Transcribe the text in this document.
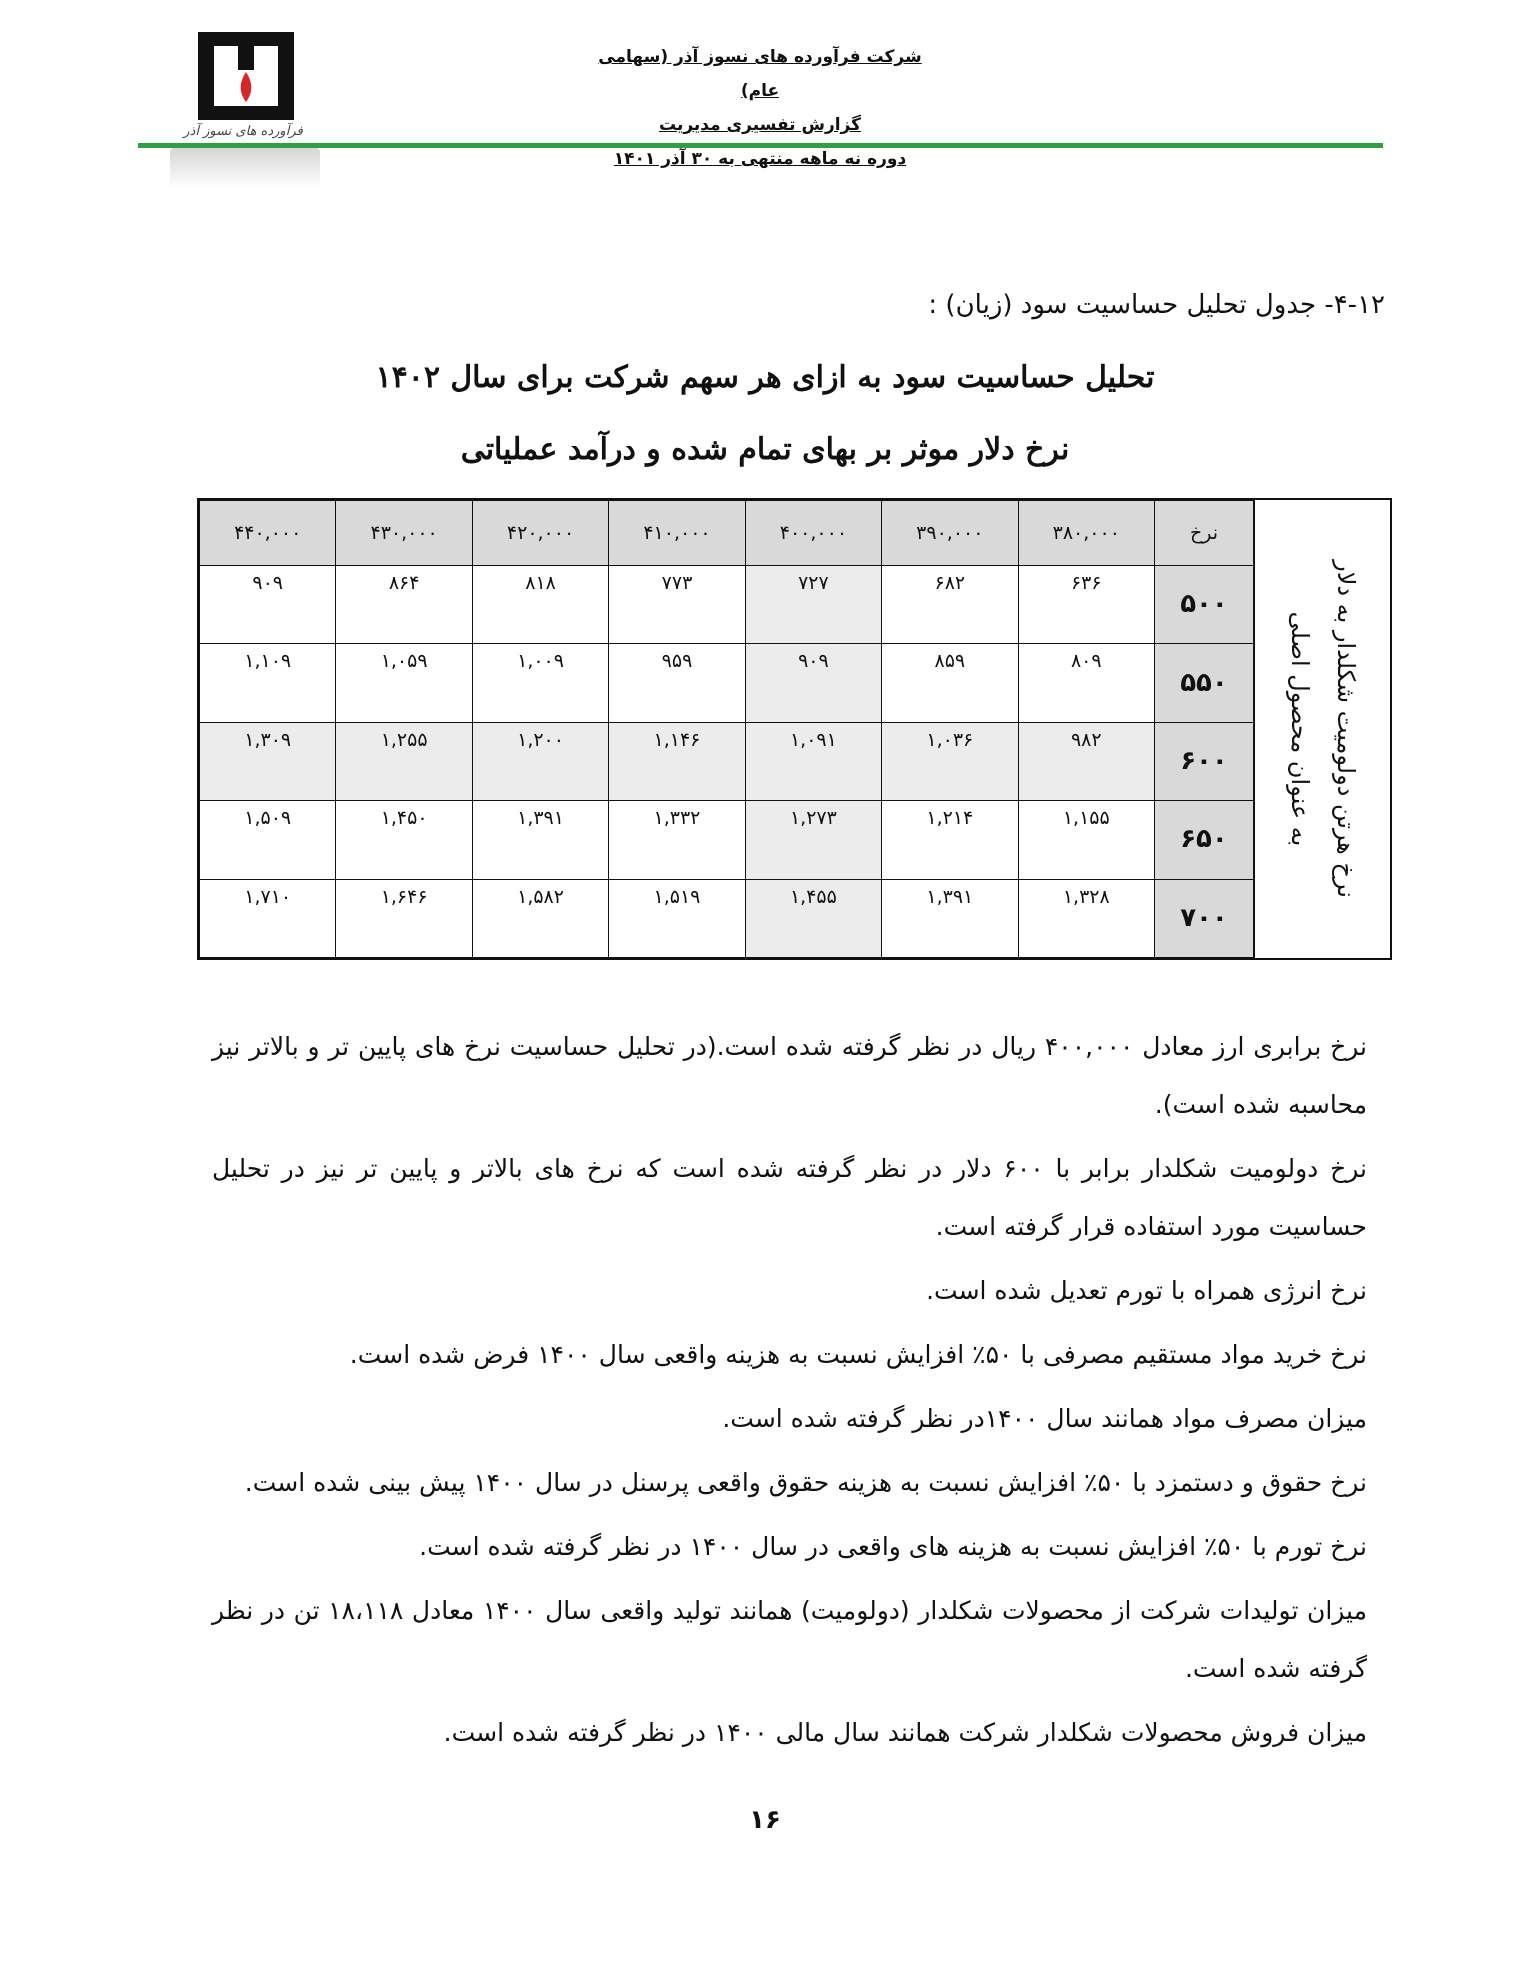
فرآورده های نسوز آذر
شرکت فرآورده های نسوز آذر (سهامی عام)
گزارش تفسیری مدیریت
دوره نه ماهه منتهی به ۳۰ آذر ۱۴۰۱
۴-۱۲- جدول تحلیل حساسیت سود (زیان) :
تحلیل حساسیت سود به ازای هر سهم شرکت برای سال ۱۴۰۲
نرخ دلار موثر بر بهای تمام شده و درآمد عملیاتی
۴۴۰,۰۰۰	۴۳۰,۰۰۰	۴۲۰,۰۰۰	۴۱۰,۰۰۰	۴۰۰,۰۰۰	۳۹۰,۰۰۰	۳۸۰,۰۰۰	نرخ
۹۰۹	۸۶۴	۸۱۸	۷۷۳	۷۲۷	۶۸۲	۶۳۶	۵۰۰
۱,۱۰۹	۱,۰۵۹	۱,۰۰۹	۹۵۹	۹۰۹	۸۵۹	۸۰۹	۵۵۰
۱,۳۰۹	۱,۲۵۵	۱,۲۰۰	۱,۱۴۶	۱,۰۹۱	۱,۰۳۶	۹۸۲	۶۰۰
۱,۵۰۹	۱,۴۵۰	۱,۳۹۱	۱,۳۳۲	۱,۲۷۳	۱,۲۱۴	۱,۱۵۵	۶۵۰
۱,۷۱۰	۱,۶۴۶	۱,۵۸۲	۱,۵۱۹	۱,۴۵۵	۱,۳۹۱	۱,۳۲۸	۷۰۰
نرخ هرتن دولومیت شکلدار به دلار
به عنوان محصول اصلی

نرخ برابری ارز معادل ۴۰۰,۰۰۰ ریال در نظر گرفته شده است.(در تحلیل حساسیت نرخ های پایین تر و بالاتر نیز محاسبه شده است).

نرخ دولومیت شکلدار برابر با ۶۰۰ دلار در نظر گرفته شده است که نرخ های بالاتر و پایین تر نیز در تحلیل حساسیت مورد استفاده قرار گرفته است.

نرخ انرژی همراه با تورم تعدیل شده است.

نرخ خرید مواد مستقیم مصرفی با ۵۰٪ افزایش نسبت به هزینه واقعی سال ۱۴۰۰ فرض شده است.

میزان مصرف مواد همانند سال ۱۴۰۰در نظر گرفته شده است.

نرخ حقوق و دستمزد با ۵۰٪ افزایش نسبت به هزینه حقوق واقعی پرسنل در سال ۱۴۰۰ پیش بینی شده است.

نرخ تورم با ۵۰٪ افزایش نسبت به هزینه های واقعی در سال ۱۴۰۰ در نظر گرفته شده است.

میزان تولیدات شرکت از محصولات شکلدار (دولومیت) همانند تولید واقعی سال ۱۴۰۰ معادل ۱۸،۱۱۸ تن در نظر گرفته شده است.

میزان فروش محصولات شکلدار شرکت همانند سال مالی ۱۴۰۰ در نظر گرفته شده است.

۱۶
